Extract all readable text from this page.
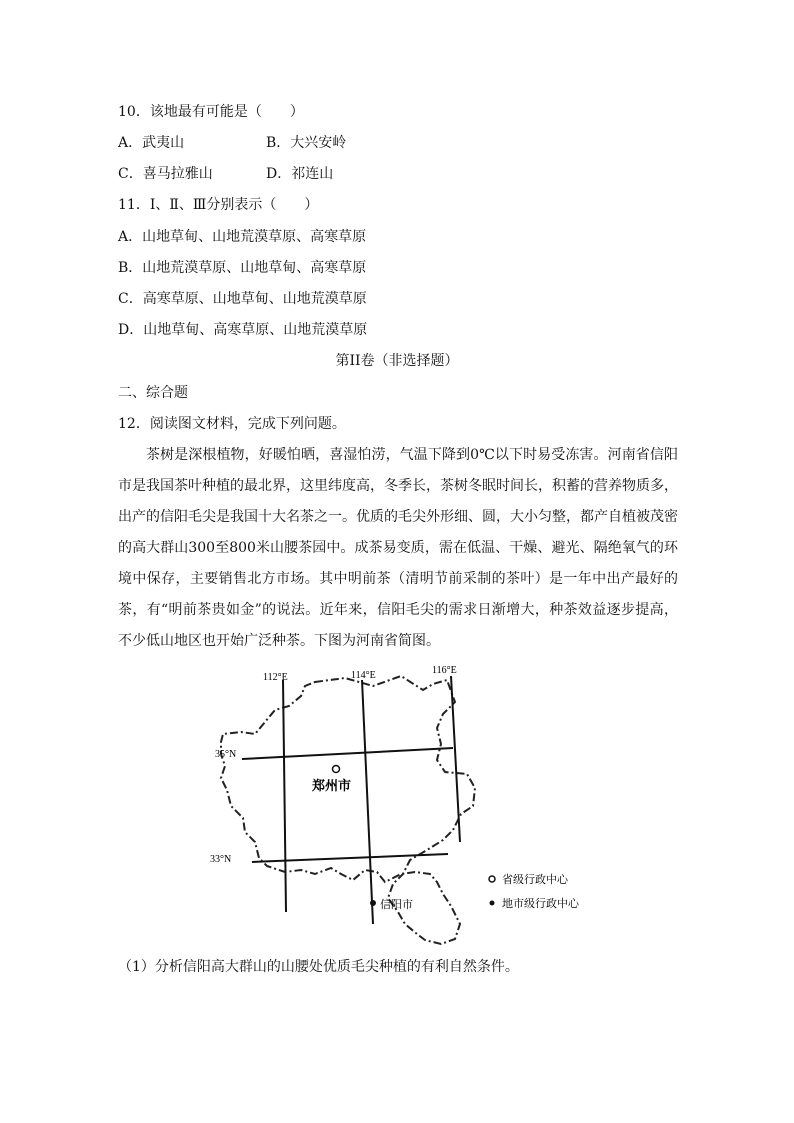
10．该地最有可能是（　　）
A．武夷山	B．大兴安岭
C．喜马拉雅山	D．祁连山
11．Ⅰ、Ⅱ、Ⅲ分别表示（　　）
A．山地草甸、山地荒漠草原、高寒草原
B．山地荒漠草原、山地草甸、高寒草原
C．高寒草原、山地草甸、山地荒漠草原
D．山地草甸、高寒草原、山地荒漠草原
第II卷（非选择题）
二、综合题
12．阅读图文材料，完成下列问题。
茶树是深根植物，好暖怕晒，喜湿怕涝，气温下降到0℃以下时易受冻害。河南省信阳市是我国茶叶种植的最北界，这里纬度高，冬季长，茶树冬眠时间长，积蓄的营养物质多，出产的信阳毛尖是我国十大名茶之一。优质的毛尖外形细、圆，大小匀整，都产自植被茂密的高大群山300至800米山腰茶园中。成茶易变质，需在低温、干燥、避光、隔绝氧气的环境中保存，主要销售北方市场。其中明前茶（清明节前采制的茶叶）是一年中出产最好的茶，有“明前茶贵如金”的说法。近年来，信阳毛尖的需求日渐增大，种茶效益逐步提高，不少低山地区也开始广泛种茶。下图为河南省简图。
112°E	114°E	116°E
35°N
33°N
郑州市
信阳市
省级行政中心
地市级行政中心
（1）分析信阳高大群山的山腰处优质毛尖种植的有利自然条件。
